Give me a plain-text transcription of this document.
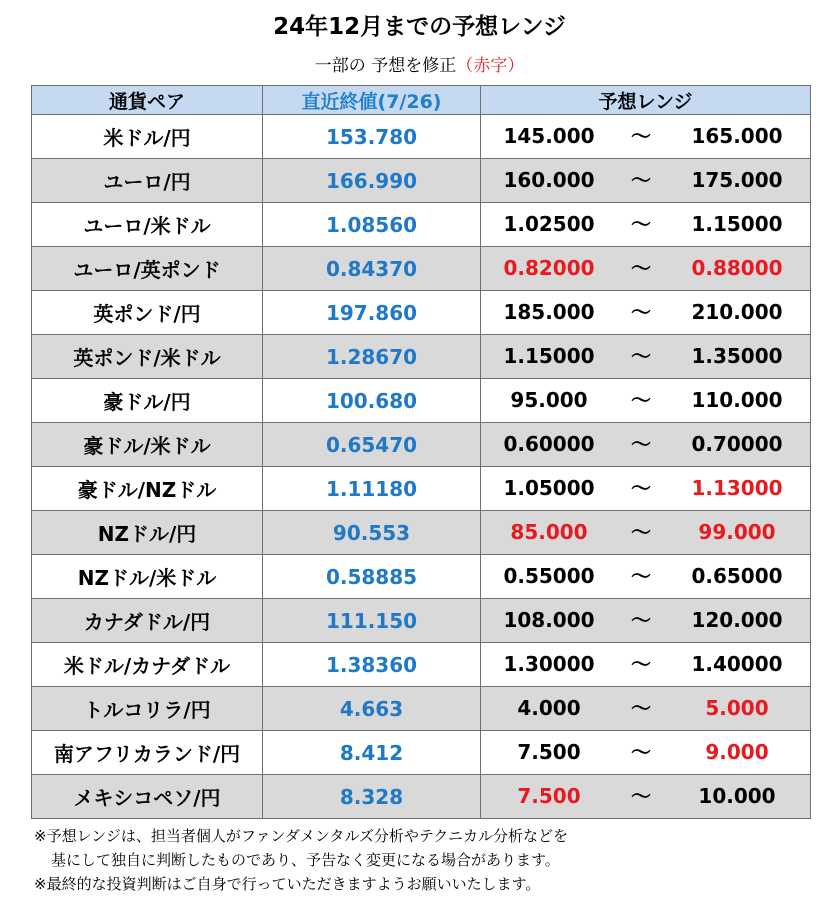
24年12月までの予想レンジ
一部の 予想を修正（赤字）
通貨ペア	直近終値(7/26)	予想レンジ
米ドル/円	153.780	145.000 ～ 165.000

ユーロ/円	166.990	160.000 ～ 175.000

ユーロ/米ドル	1.08560	1.02500 ～ 1.15000

ユーロ/英ポンド	0.84370	0.82000 ～ 0.88000

英ポンド/円	197.860	185.000 ～ 210.000

英ポンド/米ドル	1.28670	1.15000 ～ 1.35000

豪ドル/円	100.680	95.000 ～ 110.000

豪ドル/米ドル	0.65470	0.60000 ～ 0.70000

豪ドル/NZドル	1.11180	1.05000 ～ 1.13000

NZドル/円	90.553	85.000 ～ 99.000

NZドル/米ドル	0.58885	0.55000 ～ 0.65000

カナダドル/円	111.150	108.000 ～ 120.000

米ドル/カナダドル	1.38360	1.30000 ～ 1.40000

トルコリラ/円	4.663	4.000 ～ 5.000

南アフリカランド/円	8.412	7.500 ～ 9.000

メキシコペソ/円	8.328	7.500 ～ 10.000
※予想レンジは、担当者個人がファンダメンタルズ分析やテクニカル分析などを
基にして独自に判断したものであり、予告なく変更になる場合があります。
※最終的な投資判断はご自身で行っていただきますようお願いいたします。
